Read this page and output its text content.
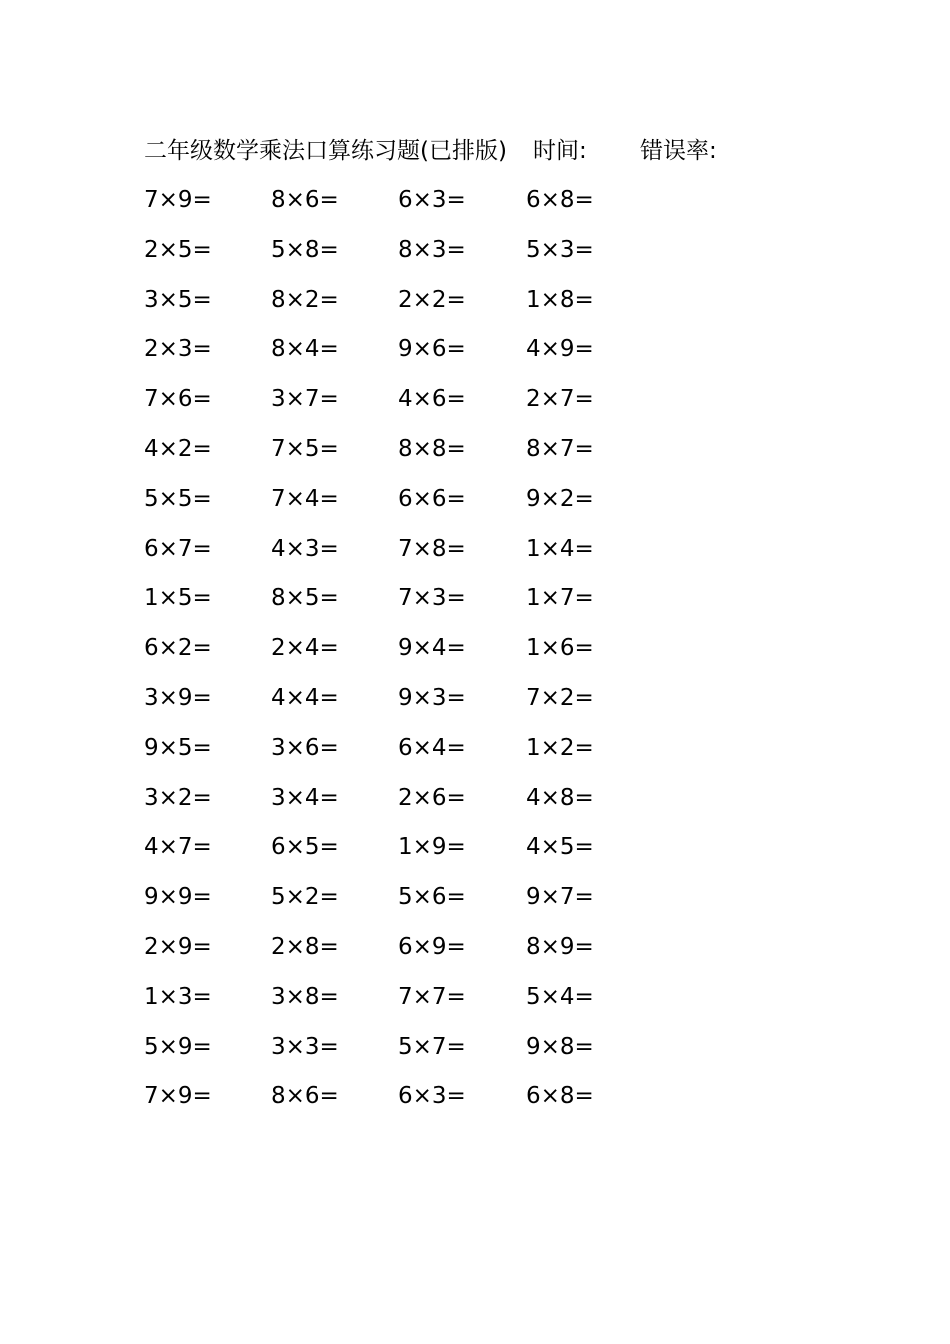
二年级数学乘法口算练习题(已排版) 时间: 错误率:
7×9=	8×6=	6×3=	6×8=
2×5=	5×8=	8×3=	5×3=
3×5=	8×2=	2×2=	1×8=
2×3=	8×4=	9×6=	4×9=
7×6=	3×7=	4×6=	2×7=
4×2=	7×5=	8×8=	8×7=
5×5=	7×4=	6×6=	9×2=
6×7=	4×3=	7×8=	1×4=
1×5=	8×5=	7×3=	1×7=
6×2=	2×4=	9×4=	1×6=
3×9=	4×4=	9×3=	7×2=
9×5=	3×6=	6×4=	1×2=
3×2=	3×4=	2×6=	4×8=
4×7=	6×5=	1×9=	4×5=
9×9=	5×2=	5×6=	9×7=
2×9=	2×8=	6×9=	8×9=
1×3=	3×8=	7×7=	5×4=
5×9=	3×3=	5×7=	9×8=
7×9=	8×6=	6×3=	6×8=
